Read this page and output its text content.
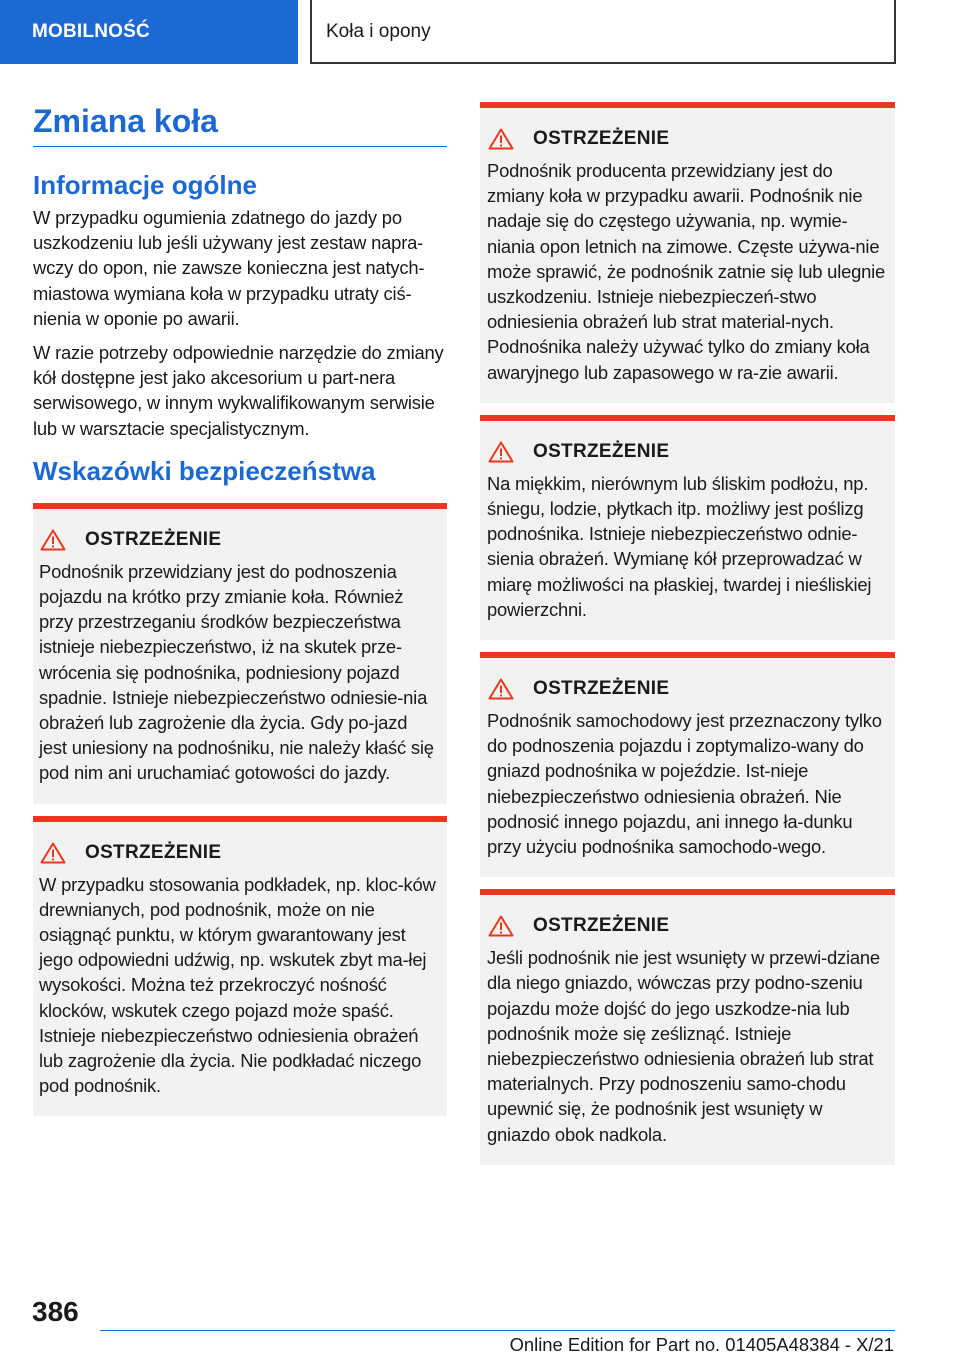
MOBILNOŚĆ	Koła i opony
Zmiana koła
Informacje ogólne

W przypadku ogumienia zdatnego do jazdy po uszkodzeniu lub jeśli używany jest zestaw napra-wczy do opon, nie zawsze konieczna jest natych-miastowa wymiana koła w przypadku utraty ciś-nienia w oponie po awarii.

W razie potrzeby odpowiednie narzędzie do zmiany kół dostępne jest jako akcesorium u part-nera serwisowego, w innym wykwalifikowanym serwisie lub w warsztacie specjalistycznym.

Wskazówki bezpieczeństwa
OSTRZEŻENIE

Podnośnik przewidziany jest do podnoszenia pojazdu na krótko przy zmianie koła. Również przy przestrzeganiu środków bezpieczeństwa istnieje niebezpieczeństwo, iż na skutek prze-wrócenia się podnośnika, podniesiony pojazd spadnie. Istnieje niebezpieczeństwo odniesie-nia obrażeń lub zagrożenie dla życia. Gdy po-jazd jest uniesiony na podnośniku, nie należy kłaść się pod nim ani uruchamiać gotowości do jazdy.

OSTRZEŻENIE

W przypadku stosowania podkładek, np. kloc-ków drewnianych, pod podnośnik, może on nie osiągnąć punktu, w którym gwarantowany jest jego odpowiedni udźwig, np. wskutek zbyt ma-łej wysokości. Można też przekroczyć nośność klocków, wskutek czego pojazd może spaść. Istnieje niebezpieczeństwo odniesienia obrażeń lub zagrożenie dla życia. Nie podkładać niczego pod podnośnik.

OSTRZEŻENIE

Podnośnik producenta przewidziany jest do zmiany koła w przypadku awarii. Podnośnik nie nadaje się do częstego używania, np. wymie-niania opon letnich na zimowe. Częste używa-nie może sprawić, że podnośnik zatnie się lub ulegnie uszkodzeniu. Istnieje niebezpieczeń-stwo odniesienia obrażeń lub strat material-nych. Podnośnika należy używać tylko do zmiany koła awaryjnego lub zapasowego w ra-zie awarii.

OSTRZEŻENIE

Na miękkim, nierównym lub śliskim podłożu, np. śniegu, lodzie, płytkach itp. możliwy jest poślizg podnośnika. Istnieje niebezpieczeństwo odnie-sienia obrażeń. Wymianę kół przeprowadzać w miarę możliwości na płaskiej, twardej i nieśliskiej powierzchni.

OSTRZEŻENIE

Podnośnik samochodowy jest przeznaczony tylko do podnoszenia pojazdu i zoptymalizo-wany do gniazd podnośnika w pojeździe. Ist-nieje niebezpieczeństwo odniesienia obrażeń. Nie podnosić innego pojazdu, ani innego ła-dunku przy użyciu podnośnika samochodo-wego.

OSTRZEŻENIE

Jeśli podnośnik nie jest wsunięty w przewi-dziane dla niego gniazdo, wówczas przy podno-szeniu pojazdu może dojść do jego uszkodze-nia lub podnośnik może się ześliznąć. Istnieje niebezpieczeństwo odniesienia obrażeń lub strat materialnych. Przy podnoszeniu samo-chodu upewnić się, że podnośnik jest wsunięty w gniazdo obok nadkola.

386
Online Edition for Part no. 01405A48384 - X/21
